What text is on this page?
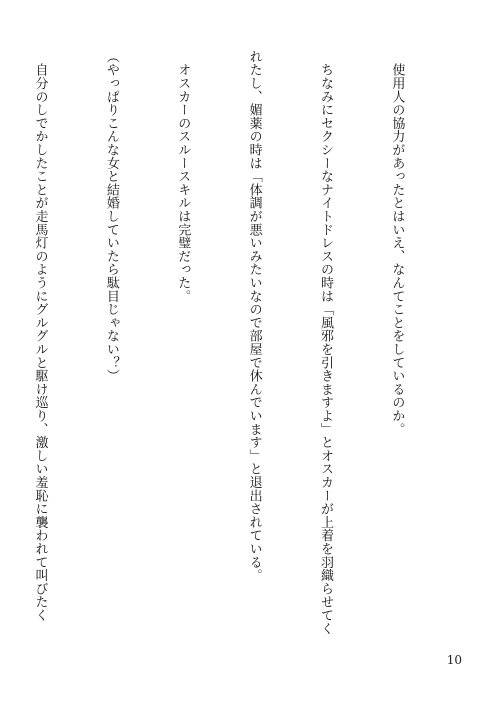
　使用人の協力があったとはいえ、なんてことをしているのか。

　ちなみにセクシーなナイトドレスの時は「風邪を引きますよ」とオスカーが上着を羽織らせてく

れたし、媚薬の時は「体調が悪いみたいなので部屋で休んでいます」と退出されている。

　オスカーのスルースキルは完璧だった。

（やっぱりこんな女と結婚していたら駄目じゃない？）

　自分のしでかしたことが走馬灯のようにグルグルと駆け巡り、激しい羞恥に襲われて叫びたく

10
